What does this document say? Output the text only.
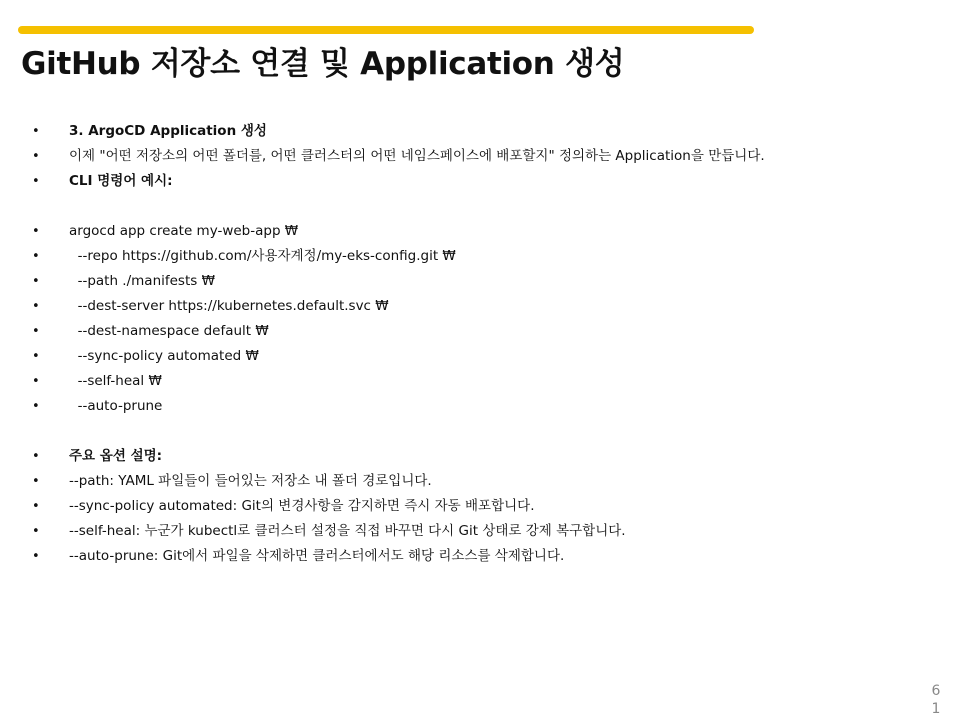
GitHub 저장소 연결 및 Application 생성
• 3. ArgoCD Application 생성
• 이제 "어떤 저장소의 어떤 폴더를, 어떤 클러스터의 어떤 네임스페이스에 배포할지" 정의하는 Application을 만듭니다.
• CLI 명령어 예시:
• argocd app create my-web-app ₩
• --repo https://github.com/사용자계정/my-eks-config.git ₩
• --path ./manifests ₩
• --dest-server https://kubernetes.default.svc ₩
• --dest-namespace default ₩
• --sync-policy automated ₩
• --self-heal ₩
• --auto-prune
• 주요 옵션 설명:
• --path: YAML 파일들이 들어있는 저장소 내 폴더 경로입니다.
• --sync-policy automated: Git의 변경사항을 감지하면 즉시 자동 배포합니다.
• --self-heal: 누군가 kubectl로 클러스터 설정을 직접 바꾸면 다시 Git 상태로 강제 복구합니다.
• --auto-prune: Git에서 파일을 삭제하면 클러스터에서도 해당 리소스를 삭제합니다.
61
